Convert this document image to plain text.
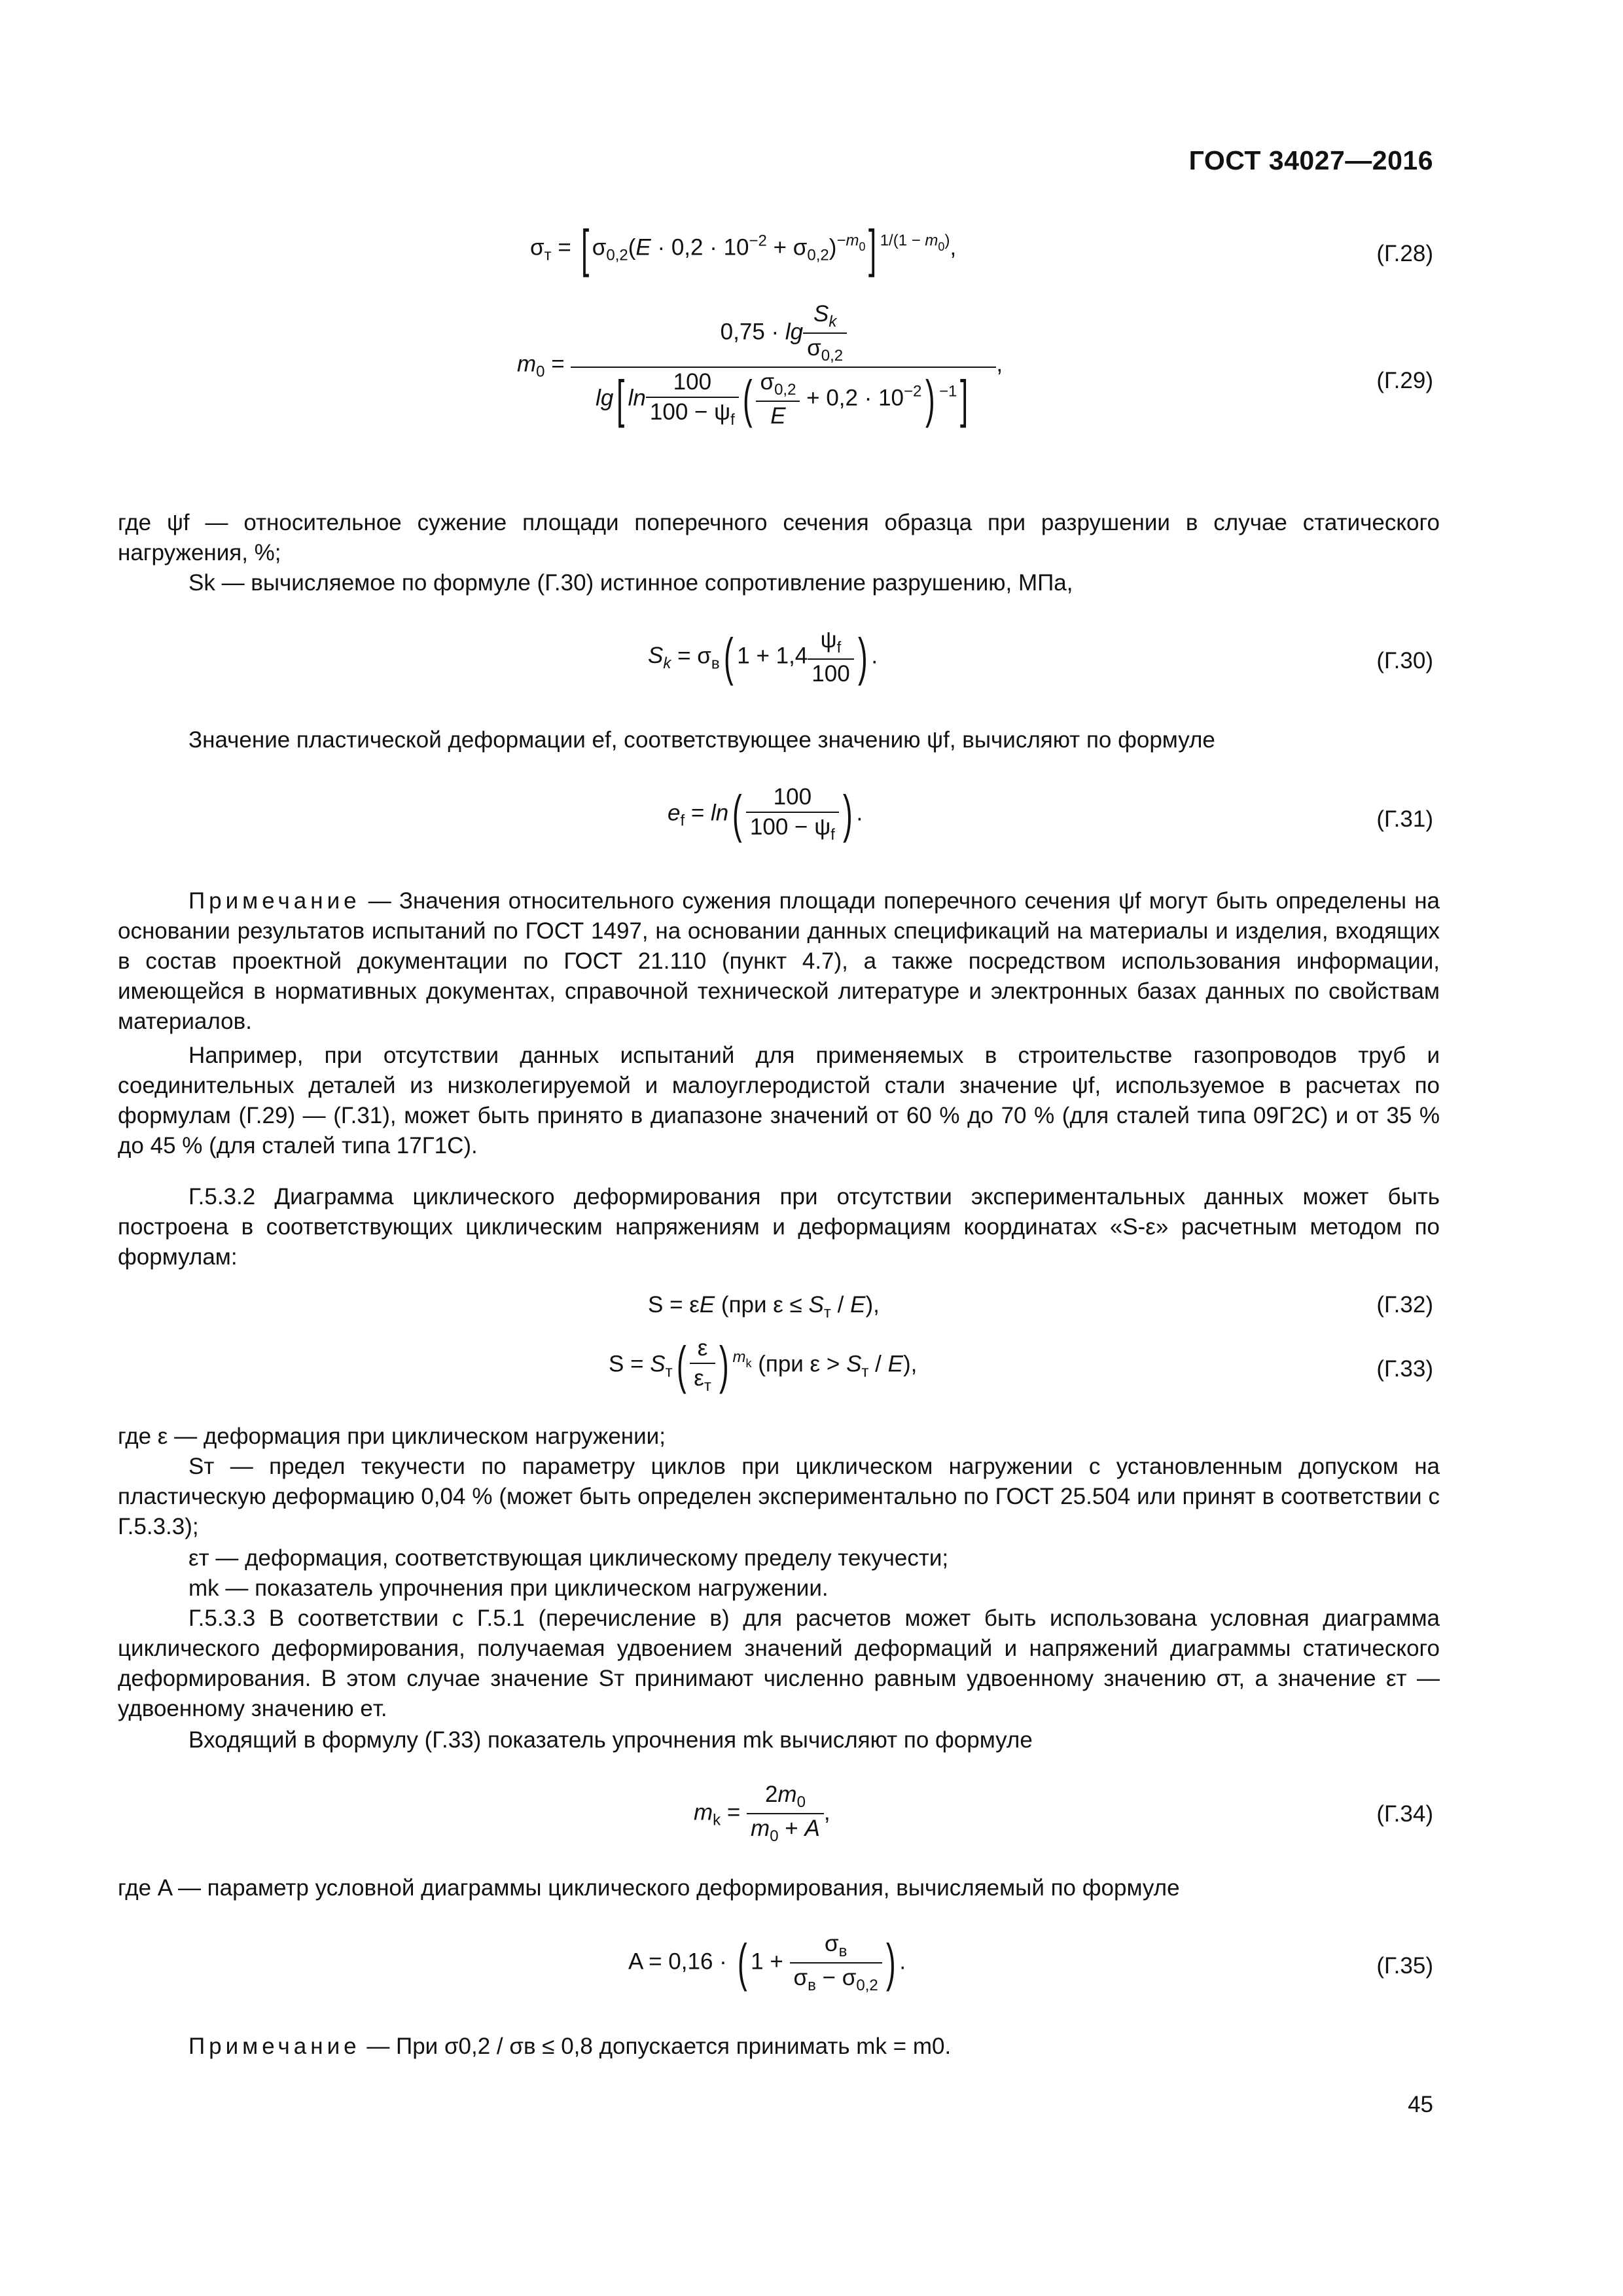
ГОСТ 34027—2016
$\sigma_т$ = [ $\sigma_{0,2}(E \cdot 0,2 \cdot 10^{-2} + \sigma_{0,2})^{-m_0}$] $^{1/(1 - m_0)}$,	(Г.28)
$m_0 = \frac{0,75 \cdot \lg \frac{S_k}{\sigma_{0,2}}}{\lg[ \ln \frac{100}{100 - \psi_f} ( \frac{\sigma_{0,2}}{E} + 0,2 \cdot 10^{-2}) ^{-1}]}$ ,
(Г.29)
где ψf — относительное сужение площади поперечного сечения образца при разрушении в случае статического нагружения, %;
Sk — вычисляемое по формуле (Г.30) истинное сопротивление разрушению, МПа,
$S_k = \sigma_в$( $1 + 1,4 \frac{\psi_f}{100}$ ) .	(Г.30)
Значение пластической деформации ef, соответствующее значению ψf, вычисляют по формуле
$e_f = \ln( \frac{100}{100 - \psi_f}$ ) .	(Г.31)
Примечание — Значения относительного сужения площади поперечного сечения ψf могут быть определены на основании результатов испытаний по ГОСТ 1497, на основании данных спецификаций на материалы и изделия, входящих в состав проектной документации по ГОСТ 21.110 (пункт 4.7), а также посредством использования информации, имеющейся в нормативных документах, справочной технической литературе и электронных базах данных по свойствам материалов.
Например, при отсутствии данных испытаний для применяемых в строительстве газопроводов труб и соединительных деталей из низколегируемой и малоуглеродистой стали значение ψf, используемое в расчетах по формулам (Г.29) — (Г.31), может быть принято в диапазоне значений от 60 % до 70 % (для сталей типа 09Г2С) и от 35 % до 45 % (для сталей типа 17Г1С).
Г.5.3.2 Диаграмма циклического деформирования при отсутствии экспериментальных данных может быть построена в соответствующих циклическим напряжениям и деформациям координатах «S-ε» расчетным методом по формулам:
S = εE (при $\varepsilon \le S_т / E$),	(Г.32)
$S = S_т( \frac{\varepsilon}{\varepsilon_т}$ ) $^{m_k}$ (при $\varepsilon > S_т / E$),	(Г.33)
где ε — деформация при циклическом нагружении;
Sт — предел текучести по параметру циклов при циклическом нагружении с установленным допуском на пластическую деформацию 0,04 % (может быть определен экспериментально по ГОСТ 25.504 или принят в соответствии с Г.5.3.3);
εт — деформация, соответствующая циклическому пределу текучести;
mk — показатель упрочнения при циклическом нагружении.
Г.5.3.3 В соответствии с Г.5.1 (перечисление в) для расчетов может быть использована условная диаграмма циклического деформирования, получаемая удвоением значений деформаций и напряжений диаграммы статического деформирования. В этом случае значение Sт принимают численно равным удвоенному значению σт, а значение εт — удвоенному значению eт.
Входящий в формулу (Г.33) показатель упрочнения mk вычисляют по формуле
$m_k = \frac{2m_0}{m_0 + A}$ ,	(Г.34)
где A — параметр условной диаграммы циклического деформирования, вычисляемый по формуле
A = 0,16 · ( $1 + \frac{\sigma_в}{\sigma_в - \sigma_{0,2}}$ ) .	(Г.35)
Примечание — При σ0,2 / σв ≤ 0,8 допускается принимать mk = m0.
45
